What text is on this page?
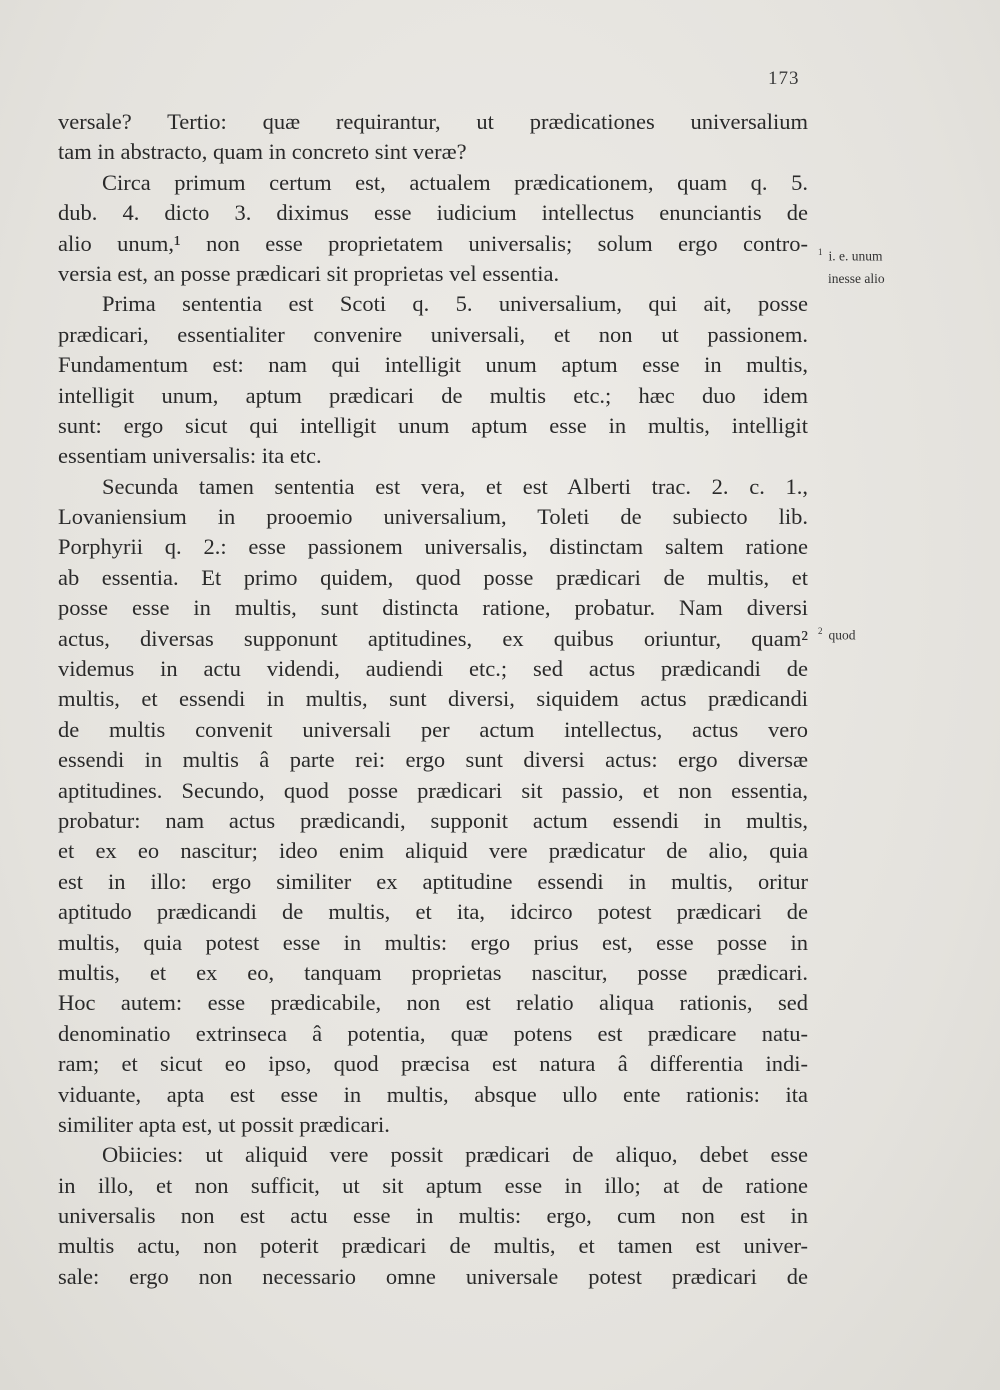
173
versale? Tertio: quæ requirantur, ut prædicationes universalium
tam in abstracto, quam in concreto sint veræ?
Circa primum certum est, actualem prædicationem, quam q. 5.
dub. 4. dicto 3. diximus esse iudicium intellectus enunciantis de
alio unum,¹ non esse proprietatem universalis; solum ergo contro-
versia est, an posse prædicari sit proprietas vel essentia.
Prima sententia est Scoti q. 5. universalium, qui ait, posse
prædicari, essentialiter convenire universali, et non ut passionem.
Fundamentum est: nam qui intelligit unum aptum esse in multis,
intelligit unum, aptum prædicari de multis etc.; hæc duo idem
sunt: ergo sicut qui intelligit unum aptum esse in multis, intelligit
essentiam universalis: ita etc.
Secunda tamen sententia est vera, et est Alberti trac. 2. c. 1.,
Lovaniensium in prooemio universalium, Toleti de subiecto lib.
Porphyrii q. 2.: esse passionem universalis, distinctam saltem ratione
ab essentia. Et primo quidem, quod posse prædicari de multis, et
posse esse in multis, sunt distincta ratione, probatur. Nam diversi
actus, diversas supponunt aptitudines, ex quibus oriuntur, quam²
videmus in actu videndi, audiendi etc.; sed actus prædicandi de
multis, et essendi in multis, sunt diversi, siquidem actus prædicandi
de multis convenit universali per actum intellectus, actus vero
essendi in multis â parte rei: ergo sunt diversi actus: ergo diversæ
aptitudines. Secundo, quod posse prædicari sit passio, et non essentia,
probatur: nam actus prædicandi, supponit actum essendi in multis,
et ex eo nascitur; ideo enim aliquid vere prædicatur de alio, quia
est in illo: ergo similiter ex aptitudine essendi in multis, oritur
aptitudo prædicandi de multis, et ita, idcirco potest prædicari de
multis, quia potest esse in multis: ergo prius est, esse posse in
multis, et ex eo, tanquam proprietas nascitur, posse prædicari.
Hoc autem: esse prædicabile, non est relatio aliqua rationis, sed
denominatio extrinseca â potentia, quæ potens est prædicare natu-
ram; et sicut eo ipso, quod præcisa est natura â differentia indi-
viduante, apta est esse in multis, absque ullo ente rationis: ita
similiter apta est, ut possit prædicari.
Obiicies: ut aliquid vere possit prædicari de aliquo, debet esse
in illo, et non sufficit, ut sit aptum esse in illo; at de ratione
universalis non est actu esse in multis: ergo, cum non est in
multis actu, non poterit prædicari de multis, et tamen est univer-
sale: ergo non necessario omne universale potest prædicari de
$^1$ i. e. unum
inesse alio
$^2$ quod
